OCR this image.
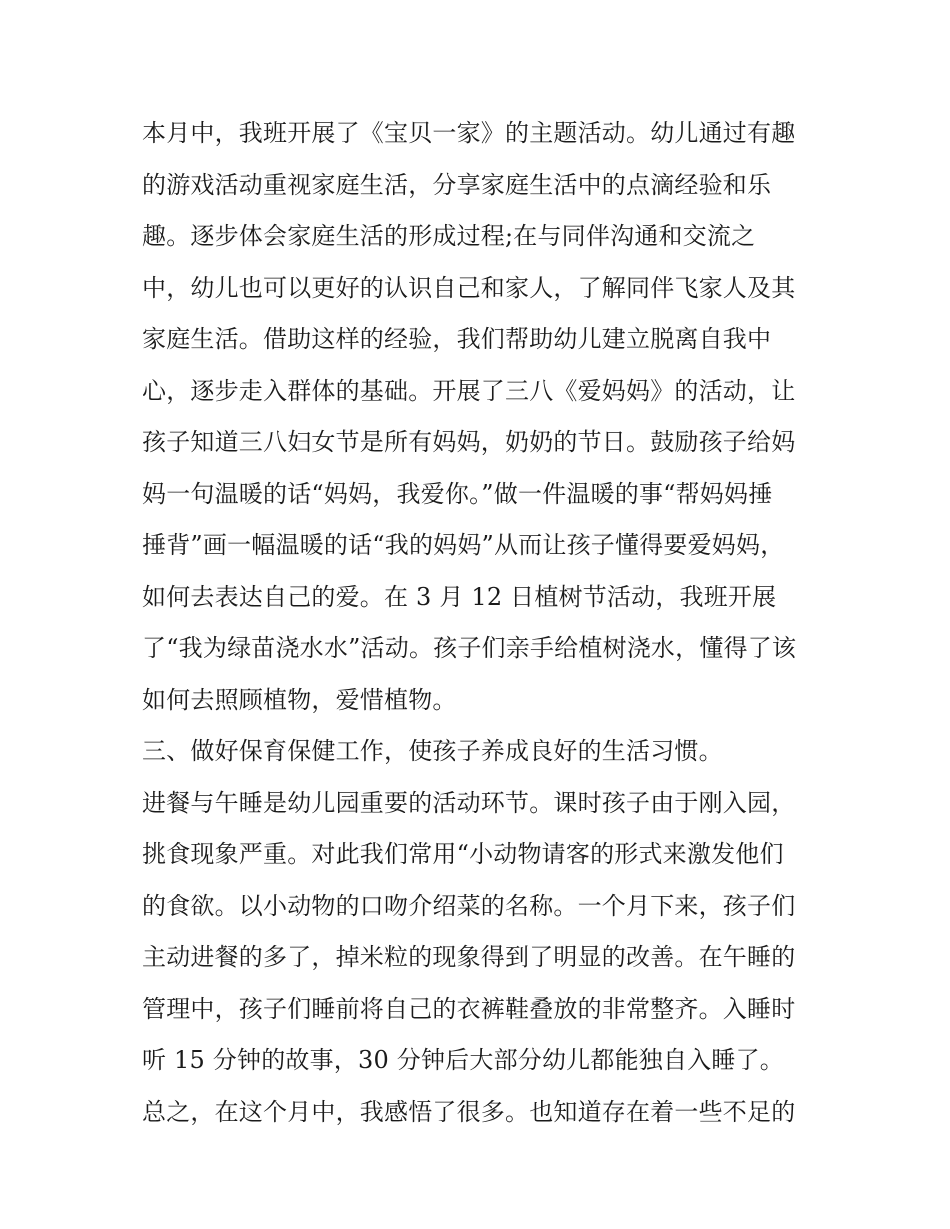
本月中，我班开展了《宝贝一家》的主题活动。幼儿通过有趣
的游戏活动重视家庭生活，分享家庭生活中的点滴经验和乐
趣。逐步体会家庭生活的形成过程;在与同伴沟通和交流之
中，幼儿也可以更好的认识自己和家人，了解同伴飞家人及其
家庭生活。借助这样的经验，我们帮助幼儿建立脱离自我中
心，逐步走入群体的基础。开展了三八《爱妈妈》的活动，让
孩子知道三八妇女节是所有妈妈，奶奶的节日。鼓励孩子给妈
妈一句温暖的话“妈妈，我爱你。”做一件温暖的事“帮妈妈捶
捶背”画一幅温暖的话“我的妈妈”从而让孩子懂得要爱妈妈，
如何去表达自己的爱。在 3 月 12 日植树节活动，我班开展
了“我为绿苗浇水水”活动。孩子们亲手给植树浇水，懂得了该
如何去照顾植物，爱惜植物。
三、做好保育保健工作，使孩子养成良好的生活习惯。
进餐与午睡是幼儿园重要的活动环节。课时孩子由于刚入园，
挑食现象严重。对此我们常用“小动物请客的形式来激发他们
的食欲。以小动物的口吻介绍菜的名称。一个月下来，孩子们
主动进餐的多了，掉米粒的现象得到了明显的改善。在午睡的
管理中，孩子们睡前将自己的衣裤鞋叠放的非常整齐。入睡时
听 15 分钟的故事，30 分钟后大部分幼儿都能独自入睡了。
总之，在这个月中，我感悟了很多。也知道存在着一些不足的
